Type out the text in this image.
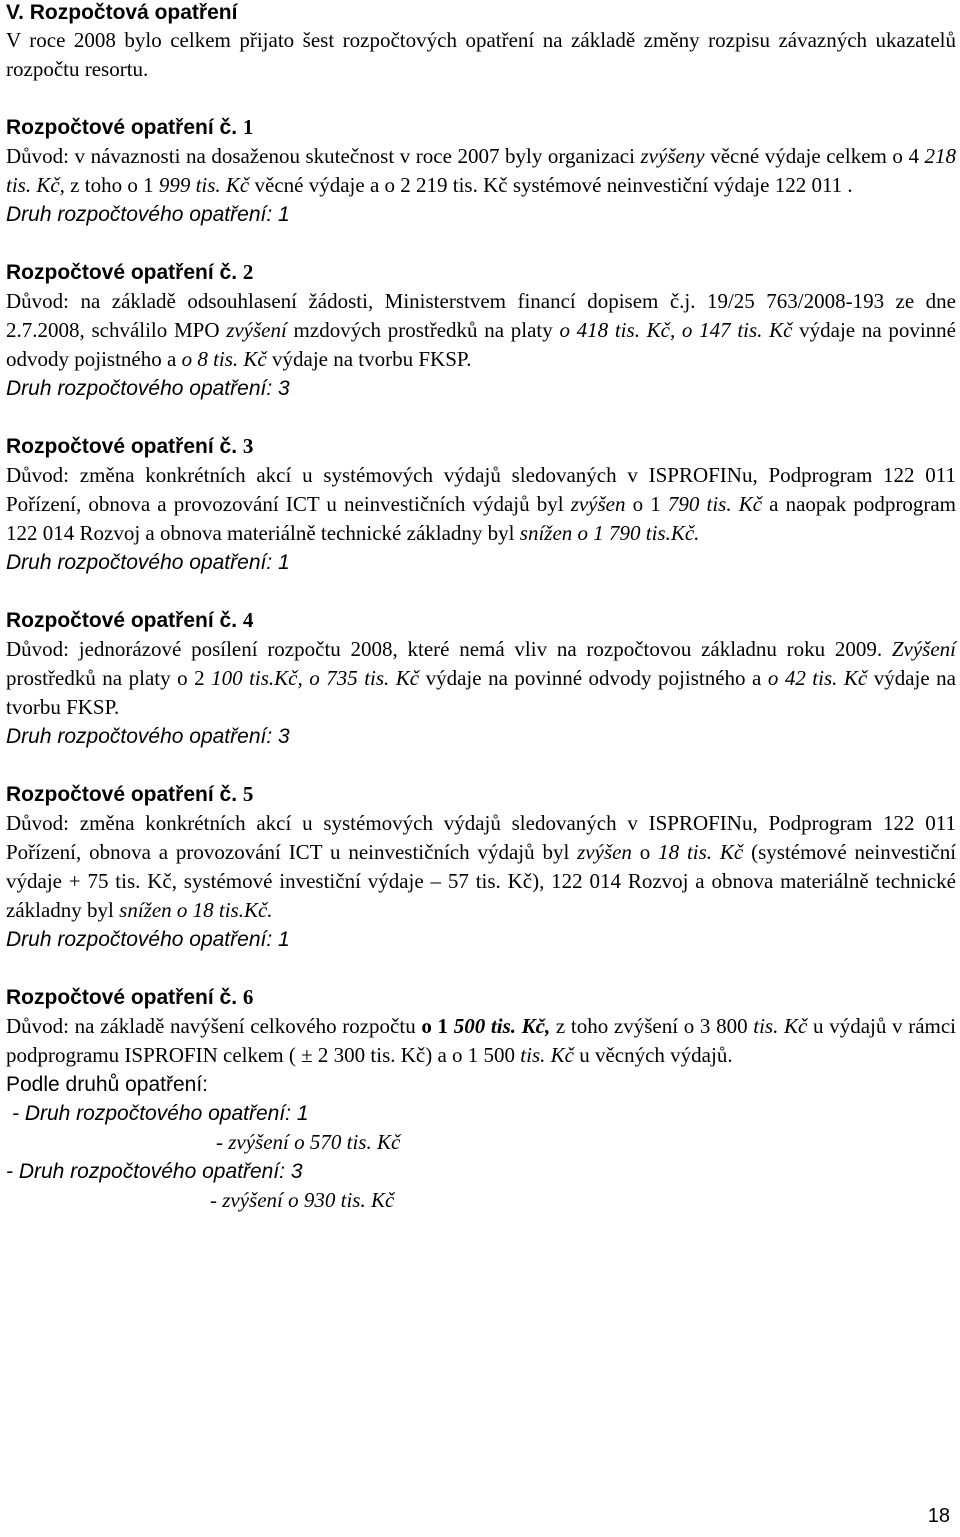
V. Rozpočtová opatření

V roce 2008 bylo celkem přijato šest rozpočtových opatření na základě změny rozpisu závazných ukazatelů rozpočtu resortu.

Rozpočtové opatření č. 1

Důvod: v návaznosti na dosaženou skutečnost v roce 2007 byly organizaci zvýšeny věcné výdaje celkem o 4 218 tis. Kč, z toho o 1 999 tis. Kč věcné výdaje a o 2 219 tis. Kč systémové neinvestiční výdaje 122 011 .

Druh rozpočtového opatření: 1

Rozpočtové opatření č. 2

Důvod: na základě odsouhlasení žádosti, Ministerstvem financí dopisem č.j. 19/25 763/2008-193 ze dne 2.7.2008, schválilo MPO zvýšení mzdových prostředků na platy o 418 tis. Kč, o 147 tis. Kč výdaje na povinné odvody pojistného a o 8 tis. Kč výdaje na tvorbu FKSP.

Druh rozpočtového opatření: 3

Rozpočtové opatření č. 3

Důvod: změna konkrétních akcí u systémových výdajů sledovaných v ISPROFINu, Podprogram 122 011 Pořízení, obnova a provozování ICT u neinvestičních výdajů byl zvýšen o 1 790 tis. Kč a naopak podprogram 122 014 Rozvoj a obnova materiálně technické základny byl snížen o 1 790 tis.Kč.

Druh rozpočtového opatření: 1

Rozpočtové opatření č. 4

Důvod: jednorázové posílení rozpočtu 2008, které nemá vliv na rozpočtovou základnu roku 2009. Zvýšení prostředků na platy o 2 100 tis.Kč, o 735 tis. Kč výdaje na povinné odvody pojistného a o 42 tis. Kč výdaje na tvorbu FKSP.

Druh rozpočtového opatření: 3

Rozpočtové opatření č. 5

Důvod: změna konkrétních akcí u systémových výdajů sledovaných v ISPROFINu, Podprogram 122 011 Pořízení, obnova a provozování ICT u neinvestičních výdajů byl zvýšen o 18 tis. Kč (systémové neinvestiční výdaje + 75 tis. Kč, systémové investiční výdaje – 57 tis. Kč), 122 014 Rozvoj a obnova materiálně technické základny byl snížen o 18 tis.Kč.

Druh rozpočtového opatření: 1

Rozpočtové opatření č. 6

Důvod: na základě navýšení celkového rozpočtu o 1 500 tis. Kč, z toho zvýšení o 3 800 tis. Kč u výdajů v rámci podprogramu ISPROFIN celkem ( ± 2 300 tis. Kč) a o 1 500 tis. Kč u věcných výdajů.

Podle druhů opatření:

- Druh rozpočtového opatření: 1

- zvýšení o 570 tis. Kč

- Druh rozpočtového opatření: 3

- zvýšení o 930 tis. Kč

18
